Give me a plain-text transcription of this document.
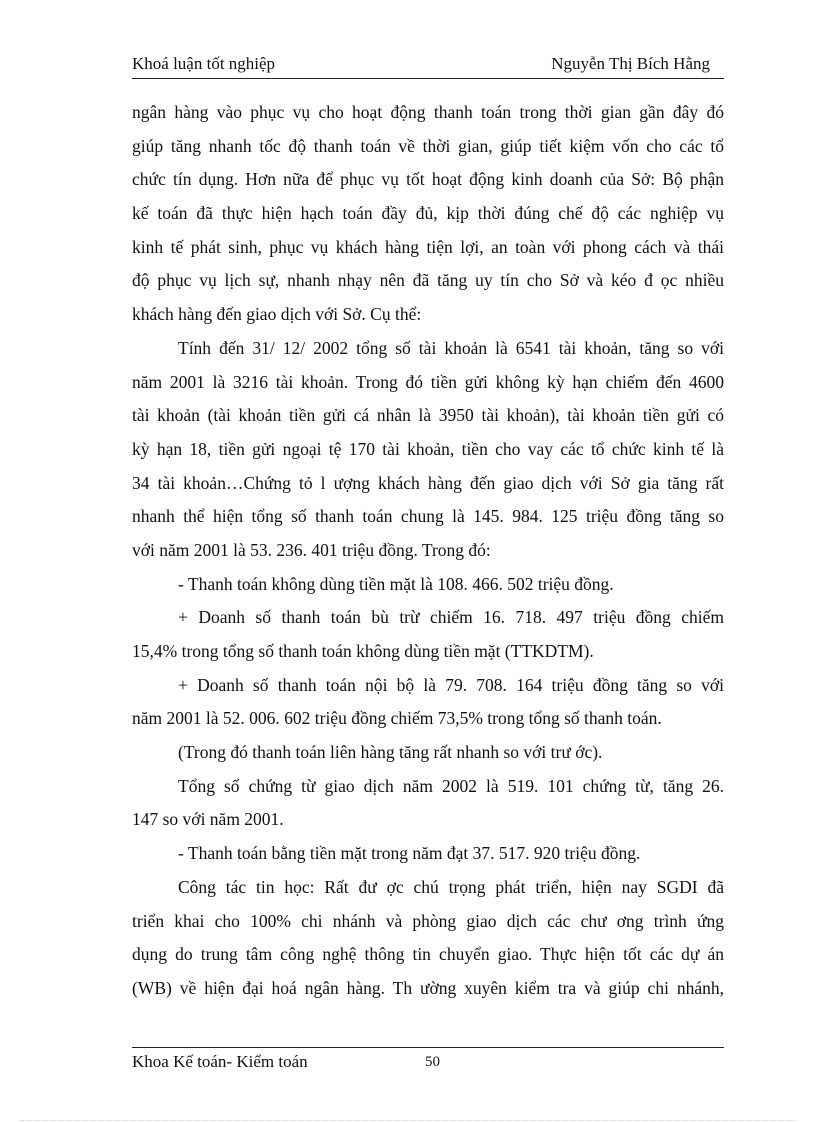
Khoá luận tốt nghiệp	Nguyễn Thị Bích Hằng
ngân hàng vào phục vụ cho hoạt động thanh toán trong thời gian gần đây đó
giúp tăng nhanh tốc độ thanh toán về thời gian, giúp tiết kiệm vốn cho các tổ
chức tín dụng. Hơn nữa để phục vụ tốt hoạt động kinh doanh của Sở: Bộ phận
kế toán đã thực hiện hạch toán đầy đủ, kịp thời đúng chế độ các nghiệp vụ
kinh tế phát sinh, phục vụ khách hàng tiện lợi, an toàn với phong cách và thái
độ phục vụ lịch sự, nhanh nhạy nên đã tăng uy tín cho Sở và kéo đ ọc nhiều
khách hàng đến giao dịch với Sở. Cụ thể:
Tính đến 31/ 12/ 2002 tổng số tài khoản là 6541 tài khoản, tăng so với
năm 2001 là 3216 tài khoản. Trong đó tiền gửi không kỳ hạn chiếm đến 4600
tài khoản (tài khoản tiền gửi cá nhân là 3950 tài khoản), tài khoản tiền gửi có
kỳ hạn 18, tiền gửi ngoại tệ 170 tài khoản, tiền cho vay các tổ chức kinh tế là
34 tài khoản…Chứng tỏ l ượng khách hàng đến giao dịch với Sở gia tăng rất
nhanh thể hiện tổng số thanh toán chung là 145. 984. 125 triệu đồng tăng so
với năm 2001 là 53. 236. 401 triệu đồng. Trong đó:
- Thanh toán không dùng tiền mặt là 108. 466. 502 triệu đồng.
+ Doanh số thanh toán bù trừ chiếm 16. 718. 497 triệu đồng chiếm
15,4% trong tổng số thanh toán không dùng tiền mặt (TTKDTM).
+ Doanh số thanh toán nội bộ là 79. 708. 164 triệu đồng tăng so với
năm 2001 là 52. 006. 602 triệu đồng chiếm 73,5% trong tổng số thanh toán.
(Trong đó thanh toán liên hàng tăng rất nhanh so với trư ớc).
Tổng số chứng từ giao dịch năm 2002 là 519. 101 chứng từ, tăng 26.
147 so với năm 2001.
- Thanh toán bằng tiền mặt trong năm đạt 37. 517. 920 triệu đồng.
Công tác tin học: Rất đư ợc chú trọng phát triển, hiện nay SGDI đã
triển khai cho 100% chi nhánh và phòng giao dịch các chư ơng trình ứng
dụng do trung tâm công nghệ thông tin chuyển giao. Thực hiện tốt các dự án
(WB) về hiện đại hoá ngân hàng. Th ường xuyên kiểm tra và giúp chi nhánh,
Khoa Kế toán- Kiểm toán	50
